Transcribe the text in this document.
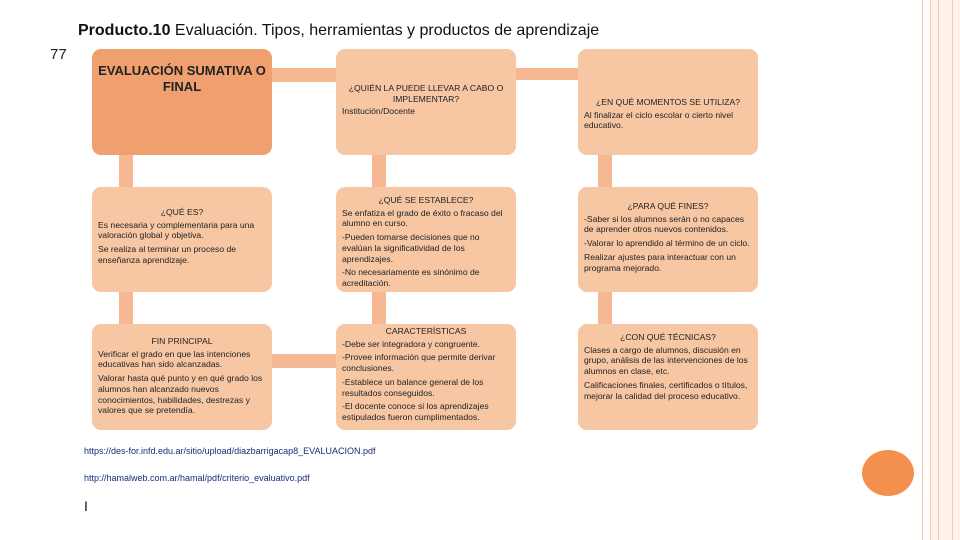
Producto.10 Evaluación. Tipos, herramientas y productos de aprendizaje
77
EVALUACIÓN SUMATIVA O FINAL	¿QUIÉN LA PUEDE LLEVAR A CABO O IMPLEMENTAR?

Institución/Docente

¿EN QUÉ MOMENTOS SE UTILIZA?

Al finalizar el ciclo escolar o cierto nivel educativo.

¿QUÉ ES?

Es necesaria y complementaria para una valoración global y objetiva.

Se realiza al terminar un proceso de enseñanza aprendizaje.

¿QUÉ SE ESTABLECE?

Se enfatiza el grado de éxito o fracaso del alumno en curso.

-Pueden tomarse decisiones que no evalúan la significatividad de los aprendizajes.

-No necesariamente es sinónimo de acreditación.

¿PARA QUÉ FINES?

-Saber si los alumnos serán o no capaces de aprender otros nuevos contenidos.

-Valorar lo aprendido al término de un ciclo.

Realizar ajustes para interactuar con un programa mejorado.

FIN PRINCIPAL

Verificar el grado en que las intenciones educativas han sido alcanzadas.

Valorar hasta qué punto y en qué grado los alumnos han alcanzado nuevos conocimientos, habilidades, destrezas y valores que se pretendía.

CARACTERÍSTICAS

-Debe ser integradora y congruente.

-Provee información que permite derivar conclusiones.

-Establece un balance general de los resultados conseguidos.

-El docente conoce si los aprendizajes estipulados fueron cumplimentados.

¿CON QUÉ TÉCNICAS?

Clases a cargo de alumnos, discusión en grupo, análisis de las intervenciones de los alumnos en clase, etc.

Calificaciones finales, certificados o títulos, mejorar la calidad del proceso educativo.

https://des-for.infd.edu.ar/sitio/upload/diazbarrigacap8_EVALUACION.pdf
http://hamalweb.com.ar/hamal/pdf/criterio_evaluativo.pdf
I
